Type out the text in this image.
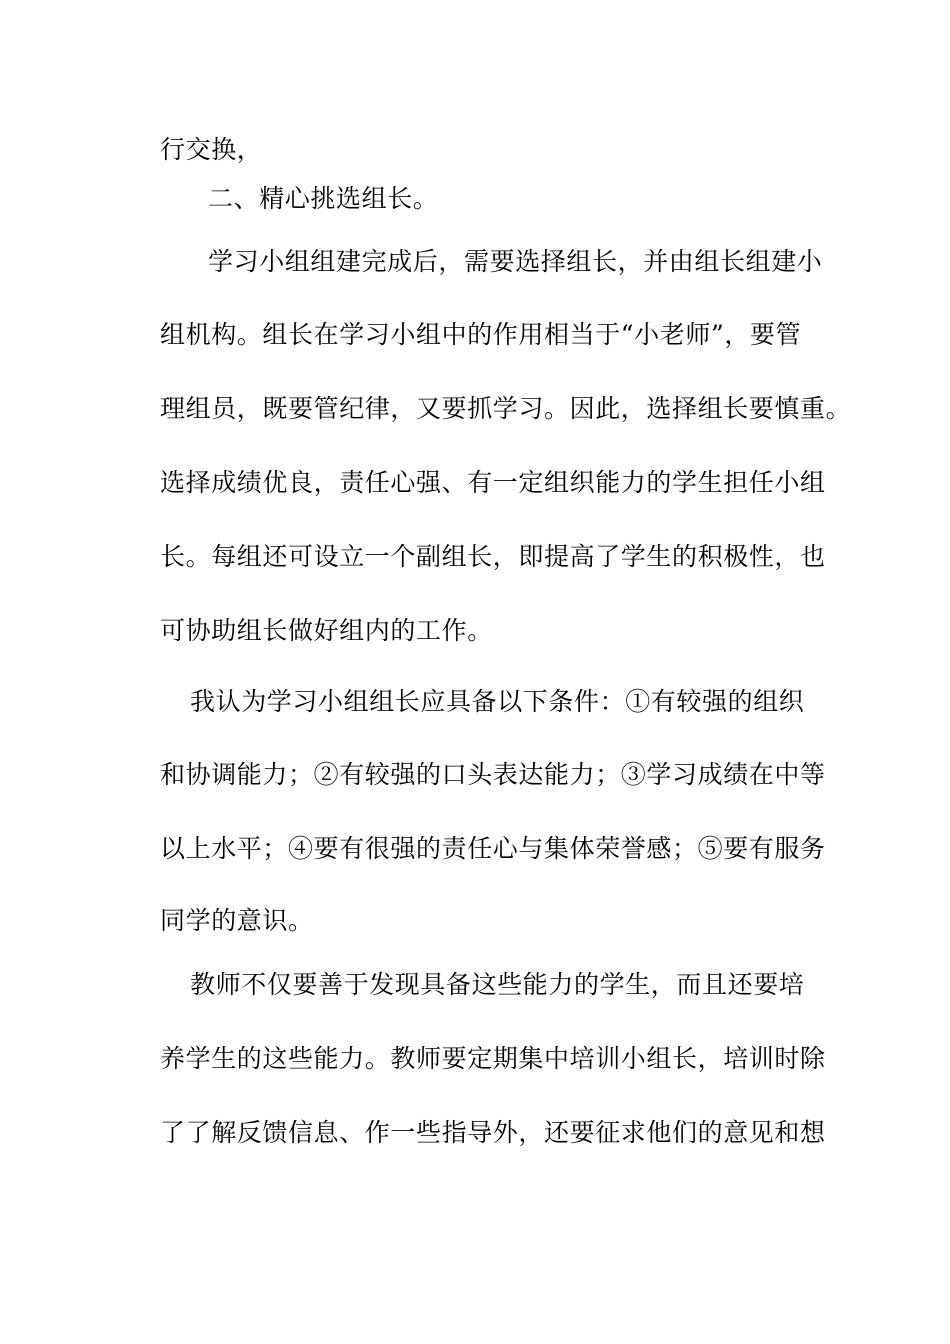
行交换，
二、精心挑选组长。
学习小组组建完成后，需要选择组长，并由组长组建小
组机构。组长在学习小组中的作用相当于“小老师”，要管
理组员，既要管纪律，又要抓学习。因此，选择组长要慎重。
选择成绩优良，责任心强、有一定组织能力的学生担任小组
长。每组还可设立一个副组长，即提高了学生的积极性，也
可协助组长做好组内的工作。
我认为学习小组组长应具备以下条件：①有较强的组织
和协调能力；②有较强的口头表达能力；③学习成绩在中等
以上水平；④要有很强的责任心与集体荣誉感；⑤要有服务
同学的意识。
教师不仅要善于发现具备这些能力的学生，而且还要培
养学生的这些能力。教师要定期集中培训小组长，培训时除
了了解反馈信息、作一些指导外，还要征求他们的意见和想
